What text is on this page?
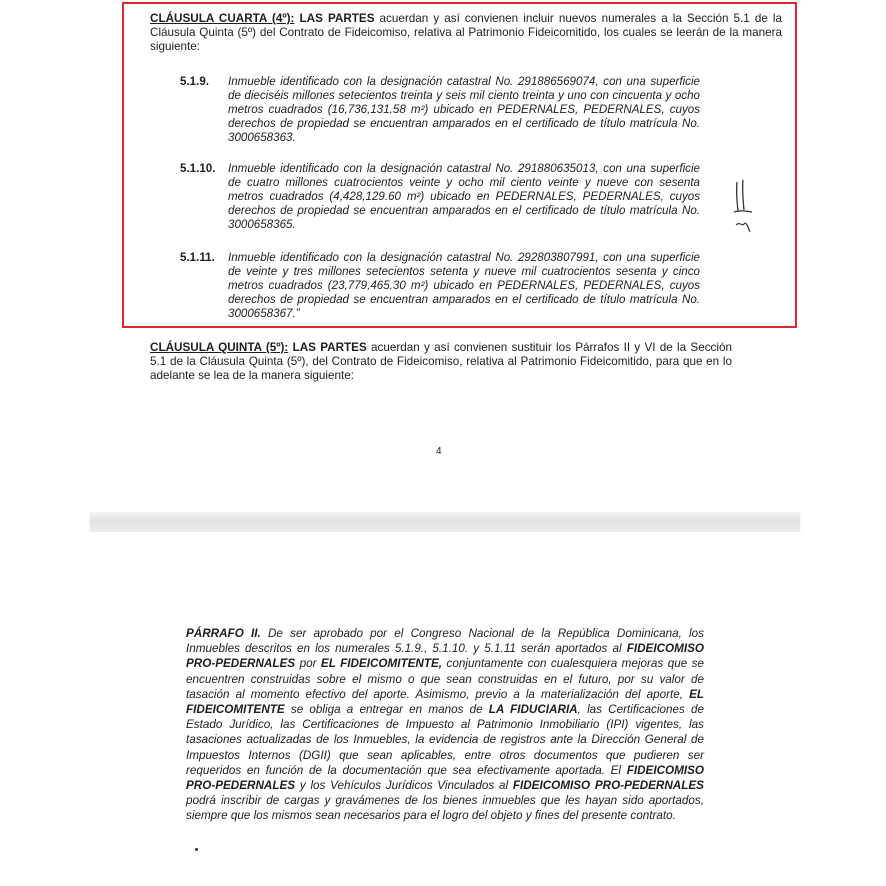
CLÁUSULA CUARTA (4º): LAS PARTES acuerdan y así convienen incluir nuevos numerales a la Sección 5.1 de la Cláusula Quinta (5º) del Contrato de Fideicomiso, relativa al Patrimonio Fideicomitido, los cuales se leerán de la manera siguiente:

5.1.9. Inmueble identificado con la designación catastral No. 291886569074, con una superficie de dieciséis millones setecientos treinta y seis mil ciento treinta y uno con cincuenta y ocho metros cuadrados (16,736,131.58 m²) ubicado en PEDERNALES, PEDERNALES, cuyos derechos de propiedad se encuentran amparados en el certificado de título matrícula No. 3000658363.

5.1.10. Inmueble identificado con la designación catastral No. 291880635013, con una superficie de cuatro millones cuatrocientos veinte y ocho mil ciento veinte y nueve con sesenta metros cuadrados (4,428,129.60 m²) ubicado en PEDERNALES, PEDERNALES, cuyos derechos de propiedad se encuentran amparados en el certificado de título matrícula No. 3000658365.

5.1.11. Inmueble identificado con la designación catastral No. 292803807991, con una superficie de veinte y tres millones setecientos setenta y nueve mil cuatrocientos sesenta y cinco metros cuadrados (23,779,465.30 m²) ubicado en PEDERNALES, PEDERNALES, cuyos derechos de propiedad se encuentran amparados en el certificado de título matrícula No. 3000658367.”

CLÁUSULA QUINTA (5º): LAS PARTES acuerdan y así convienen sustituir los Párrafos II y VI de la Sección 5.1 de la Cláusula Quinta (5º), del Contrato de Fideicomiso, relativa al Patrimonio Fideicomitido, para que en lo adelante se lea de la manera siguiente:

4

PÁRRAFO II. De ser aprobado por el Congreso Nacional de la República Dominicana, los Inmuebles descritos en los numerales 5.1.9., 5.1.10. y 5.1.11 serán aportados al FIDEICOMISO PRO-PEDERNALES por EL FIDEICOMITENTE, conjuntamente con cualesquiera mejoras que se encuentren construidas sobre el mismo o que sean construidas en el futuro, por su valor de tasación al momento efectivo del aporte. Asimismo, previo a la materialización del aporte, EL FIDEICOMITENTE se obliga a entregar en manos de LA FIDUCIARIA, las Certificaciones de Estado Jurídico, las Certificaciones de Impuesto al Patrimonio Inmobiliario (IPI) vigentes, las tasaciones actualizadas de los Inmuebles, la evidencia de registros ante la Dirección General de Impuestos Internos (DGII) que sean aplicables, entre otros documentos que pudieren ser requeridos en función de la documentación que sea efectivamente aportada. El FIDEICOMISO PRO-PEDERNALES y los Vehículos Jurídicos Vinculados al FIDEICOMISO PRO-PEDERNALES podrá inscribir de cargas y gravámenes de los bienes inmuebles que les hayan sido aportados, siempre que los mismos sean necesarios para el logro del objeto y fines del presente contrato.
